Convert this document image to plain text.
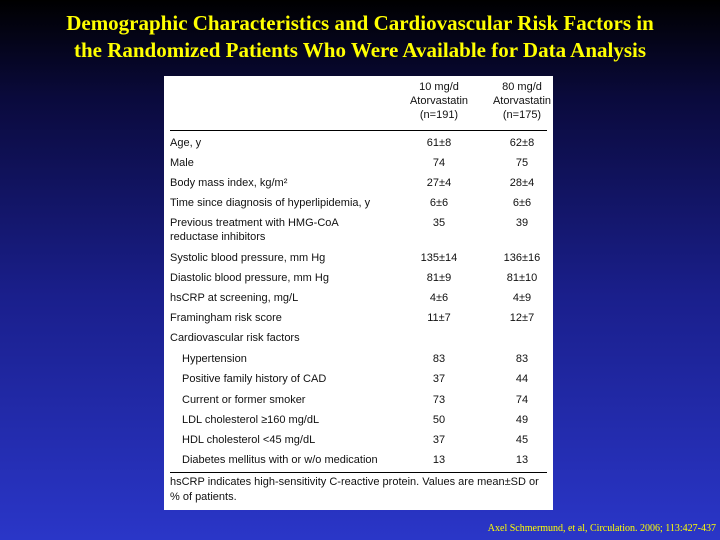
Demographic Characteristics and Cardiovascular Risk Factors in
the Randomized Patients Who Were Available for Data Analysis
10 mg/d
Atorvastatin
(n=191)
80 mg/d
Atorvastatin
(n=175)
Age, y	61±8	62±8
Male	74	75
Body mass index, kg/m²	27±4	28±4
Time since diagnosis of hyperlipidemia, y	6±6	6±6
Previous treatment with HMG-CoA
reductase inhibitors
35	39
Systolic blood pressure, mm Hg	135±14	136±16
Diastolic blood pressure, mm Hg	81±9	81±10
hsCRP at screening, mg/L	4±6	4±9
Framingham risk score	11±7	12±7
Cardiovascular risk factors
Hypertension	83	83
Positive family history of CAD	37	44
Current or former smoker	73	74
LDL cholesterol ≥160 mg/dL	50	49
HDL cholesterol <45 mg/dL	37	45
Diabetes mellitus with or w/o medication	13	13
hsCRP indicates high-sensitivity C-reactive protein. Values are mean±SD or
% of patients.
Axel Schmermund, et al, Circulation. 2006; 113:427-437
